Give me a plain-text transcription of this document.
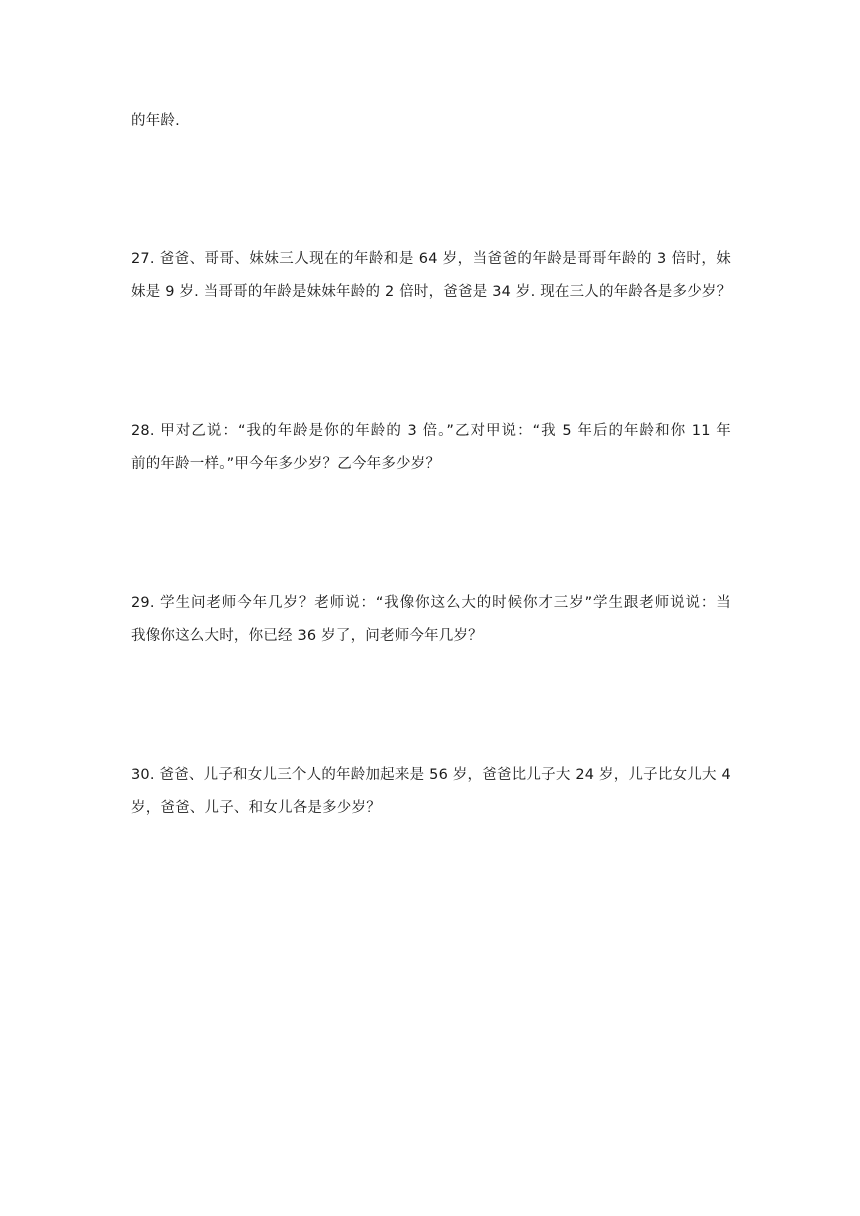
的年龄.
27. 爸爸、哥哥、妹妹三人现在的年龄和是 64 岁，当爸爸的年龄是哥哥年龄的 3 倍时，妹
妹是 9 岁. 当哥哥的年龄是妹妹年龄的 2 倍时，爸爸是 34 岁. 现在三人的年龄各是多少岁？
28. 甲对乙说：“我的年龄是你的年龄的 3 倍。”乙对甲说：“我 5 年后的年龄和你 11 年
前的年龄一样。”甲今年多少岁？乙今年多少岁？
29. 学生问老师今年几岁？老师说：“我像你这么大的时候你才三岁”学生跟老师说说：当
我像你这么大时，你已经 36 岁了，问老师今年几岁？
30. 爸爸、儿子和女儿三个人的年龄加起来是 56 岁，爸爸比儿子大 24 岁，儿子比女儿大 4
岁，爸爸、儿子、和女儿各是多少岁？
